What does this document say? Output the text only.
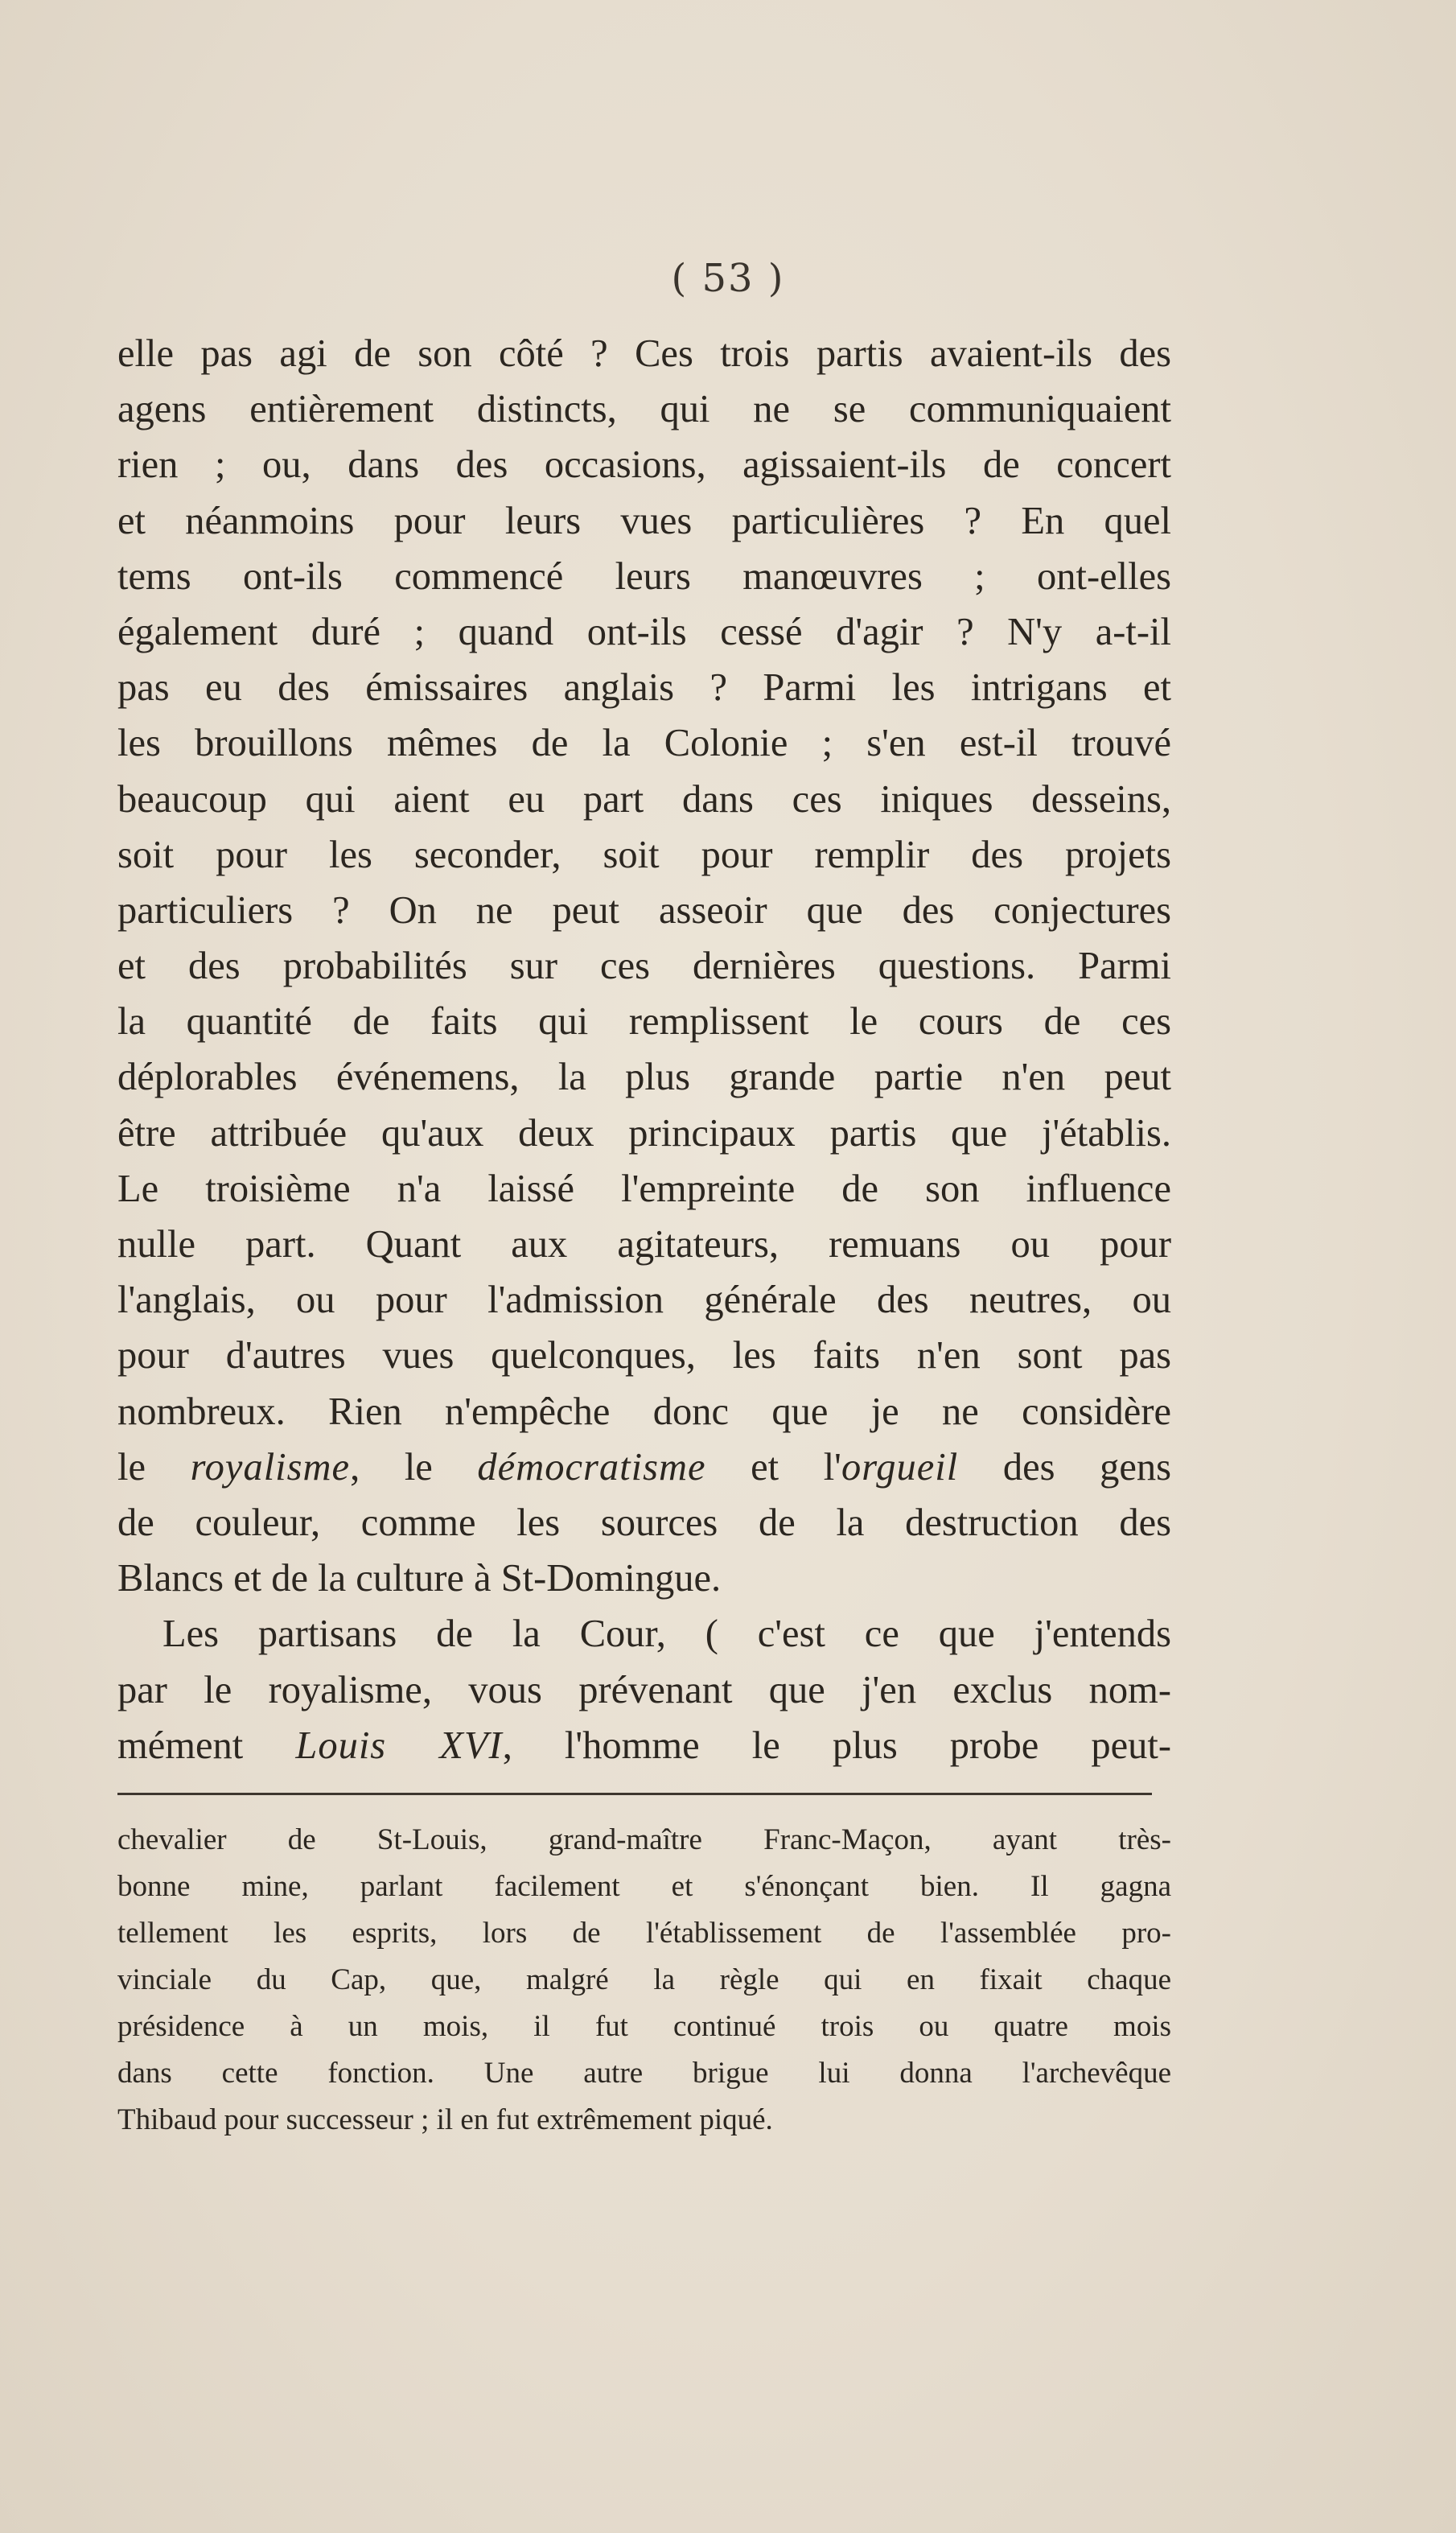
( 53 )
elle pas agi de son côté ? Ces trois partis avaient-ils des
agens entièrement distincts, qui ne se communiquaient
rien ; ou, dans des occasions, agissaient-ils de concert
et néanmoins pour leurs vues particulières ? En quel
tems ont-ils commencé leurs manœuvres ; ont-elles
également duré ; quand ont-ils cessé d'agir ? N'y a-t-il
pas eu des émissaires anglais ? Parmi les intrigans et
les brouillons mêmes de la Colonie ; s'en est-il trouvé
beaucoup qui aient eu part dans ces iniques desseins,
soit pour les seconder, soit pour remplir des projets
particuliers ? On ne peut asseoir que des conjectures
et des probabilités sur ces dernières questions. Parmi
la quantité de faits qui remplissent le cours de ces
déplorables événemens, la plus grande partie n'en peut
être attribuée qu'aux deux principaux partis que j'établis.
Le troisième n'a laissé l'empreinte de son influence
nulle part. Quant aux agitateurs, remuans ou pour
l'anglais, ou pour l'admission générale des neutres, ou
pour d'autres vues quelconques, les faits n'en sont pas
nombreux. Rien n'empêche donc que je ne considère
le royalisme, le démocratisme et l'orgueil des gens
de couleur, comme les sources de la destruction des
Blancs et de la culture à St-Domingue.
Les partisans de la Cour, ( c'est ce que j'entends
par le royalisme, vous prévenant que j'en exclus nom-
mément Louis XVI, l'homme le plus probe peut-
chevalier de St-Louis, grand-maître Franc-Maçon, ayant très-
bonne mine, parlant facilement et s'énonçant bien. Il gagna
tellement les esprits, lors de l'établissement de l'assemblée pro-
vinciale du Cap, que, malgré la règle qui en fixait chaque
présidence à un mois, il fut continué trois ou quatre mois
dans cette fonction. Une autre brigue lui donna l'archevêque
Thibaud pour successeur ; il en fut extrêmement piqué.
